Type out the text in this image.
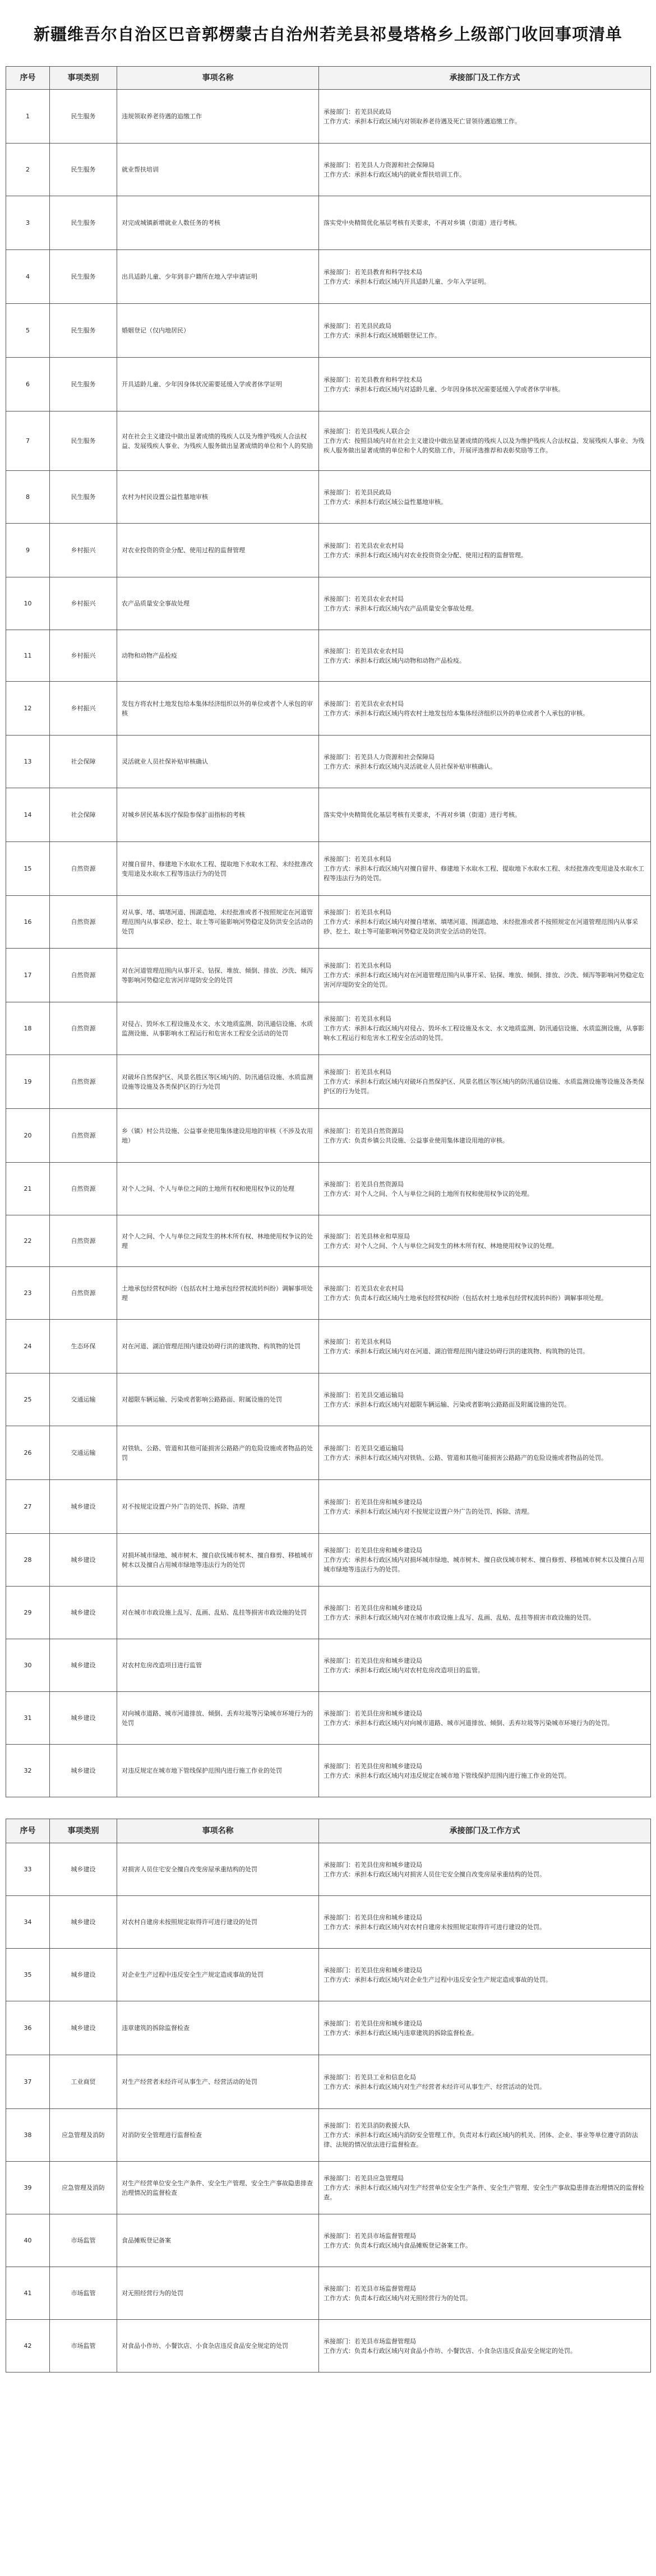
新疆维吾尔自治区巴音郭楞蒙古自治州若羌县祁曼塔格乡上级部门收回事项清单
序号	事项类别	事项名称	承接部门及工作方式
1	民生服务	违规领取养老待遇的追缴工作	承接部门：若羌县民政局
工作方式：承担本行政区域内对领取养老待遇及死亡冒领待遇追缴工作。

2	民生服务	就业帮扶培训	承接部门：若羌县人力资源和社会保障局
工作方式：承担本行政区域内的就业帮扶培训工作。

3	民生服务	对完成城镇新增就业人数任务的考核	落实党中央精简优化基层考核有关要求，不再对乡镇（街道）进行考核。

4	民生服务	出具适龄儿童、少年到非户籍所在地入学申请证明	承接部门：若羌县教育和科学技术局
工作方式：承担本行政区域内开具适龄儿童、少年入学证明。

5	民生服务	婚姻登记（仅内地居民）	承接部门：若羌县民政局
工作方式：承担本行政区域婚姻登记工作。

6	民生服务	开具适龄儿童、少年因身体状况需要延缓入学或者休学证明	承接部门：若羌县教育和科学技术局
工作方式：承担本行政区域内对适龄儿童、少年因身体状况需要延缓入学或者休学审核。

7	民生服务	对在社会主义建设中做出显著成绩的残疾人以及为维护残疾人合法权益、发展残疾人事业、为残疾人服务做出显著成绩的单位和个人的奖励	承接部门：若羌县残疾人联合会
工作方式：按照县域内对在社会主义建设中做出显著成绩的残疾人以及为维护残疾人合法权益、发展残疾人事业、为残疾人服务做出显著成绩的单位和个人的奖励工作，开展评选推荐和表彰奖励等工作。

8	民生服务	农村为村民设置公益性墓地审核	承接部门：若羌县民政局
工作方式：承担本行政区域公益性墓地审核。

9	乡村振兴	对农业投资的资金分配、使用过程的监督管理	承接部门：若羌县农业农村局
工作方式：承担本行政区域内对农业投资资金分配、使用过程的监督管理。

10	乡村振兴	农产品质量安全事故处理	承接部门：若羌县农业农村局
工作方式：承担本行政区域内农产品质量安全事故处理。

11	乡村振兴	动物和动物产品检疫	承接部门：若羌县农业农村局
工作方式：承担本行政区域内动物和动物产品检疫。

12	乡村振兴	发包方将农村土地发包给本集体经济组织以外的单位或者个人承包的审核	承接部门：若羌县农业农村局
工作方式：承担本行政区域内将农村土地发包给本集体经济组织以外的单位或者个人承包的审核。

13	社会保障	灵活就业人员社保补贴审核确认	承接部门：若羌县人力资源和社会保障局
工作方式：承担本行政区域内灵活就业人员社保补贴审核确认。

14	社会保障	对城乡居民基本医疗保险参保扩面指标的考核	落实党中央精简优化基层考核有关要求，不再对乡镇（街道）进行考核。

15	自然资源	对擅自留井、修建地下水取水工程、提取地下水取水工程、未经批准改变用途及水取水工程等违法行为的处罚	承接部门：若羌县水利局
工作方式：承担本行政区域内对擅自留井、修建地下水取水工程、提取地下水取水工程、未经批准改变用途及水取水工程等违法行为的处罚。

16	自然资源	对从事、堵、填堵河道、围湖造地、未经批准或者不按照规定在河道管理范围内从事采砂、挖土、取土等可能影响河势稳定及防洪安全活动的处罚	承接部门：若羌县水利局
工作方式：承担本行政区域内对擅自堵塞、填堵河道、围湖造地、未经批准或者不按照规定在河道管理范围内从事采砂、挖土、取土等可能影响河势稳定及防洪安全活动的处罚。

17	自然资源	对在河道管理范围内从事开采、钻探、堆放、倾倒、排放、沙洗、倾泻等影响河势稳定危害河岸堤防安全的处罚	承接部门：若羌县水利局
工作方式：承担本行政区域内对在河道管理范围内从事开采、钻探、堆放、倾倒、排放、沙洗、倾泻等影响河势稳定危害河岸堤防安全的处罚。

18	自然资源	对侵占、毁坏水工程设施及水文、水文地质监测、防汛通信设施、水质监测设施、从事影响水工程运行和危害水工程安全活动的处罚	承接部门：若羌县水利局
工作方式：承担本行政区域内对侵占、毁坏水工程设施及水文、水文地质监测、防汛通信设施、水质监测设施，从事影响水工程运行和危害水工程安全活动的处罚。

19	自然资源	对破坏自然保护区、风景名胜区等区域内的、防汛通信设施、水质监测设施等设施及各类保护区的行为处罚	承接部门：若羌县水利局
工作方式：承担本行政区域内对破坏自然保护区、风景名胜区等区域内的防汛通信设施、水质监测设施等设施及各类保护区的行为处罚。

20	自然资源	乡（镇）村公共设施、公益事业使用集体建设用地的审核（不涉及农用地）	承接部门：若羌县自然资源局
工作方式：负责乡镇公共设施、公益事业使用集体建设用地的审核。

21	自然资源	对个人之间、个人与单位之间的土地所有权和使用权争议的处理	承接部门：若羌县自然资源局
工作方式：对个人之间、个人与单位之间的土地所有权和使用权争议的处理。

22	自然资源	对个人之间、个人与单位之间发生的林木所有权、林地使用权争议的处理	承接部门：若羌县林业和草原局
工作方式：对个人之间、个人与单位之间发生的林木所有权、林地使用权争议的处理。

23	自然资源	土地承包经营权纠纷（包括农村土地承包经营权流转纠纷）调解事项处理	承接部门：若羌县农业农村局
工作方式：负责本行政区域内土地承包经营权纠纷（包括农村土地承包经营权流转纠纷）调解事项处理。

24	生态环保	对在河道、湖泊管理范围内建设妨碍行洪的建筑物、构筑物的处罚	承接部门：若羌县水利局
工作方式：承担本行政区域内对在河道、湖泊管理范围内建设妨碍行洪的建筑物、构筑物的处罚。

25	交通运输	对超限车辆运输、污染或者影响公路路面、附属设施的处罚	承接部门：若羌县交通运输局
工作方式：承担本行政区域内对超限车辆运输、污染或者影响公路路面及附属设施的处罚。

26	交通运输	对铁轨、公路、管道和其他可能损害公路路产的危险设施或者物品的处罚	承接部门：若羌县交通运输局
工作方式：承担本行政区域内对铁轨、公路、管道和其他可能损害公路路产的危险设施或者物品的处罚。

27	城乡建设	对不按规定设置户外广告的处罚、拆除、清理	承接部门：若羌县住房和城乡建设局
工作方式：承担本行政区域内对不按规定设置户外广告的处罚、拆除、清理。

28	城乡建设	对损坏城市绿地、城市树木、擅自砍伐城市树木、擅自修剪、移植城市树木以及擅自占用城市绿地等违法行为的处罚	承接部门：若羌县住房和城乡建设局
工作方式：承担本行政区域内对损坏城市绿地、城市树木、擅自砍伐城市树木、擅自修剪、移植城市树木以及擅自占用城市绿地等违法行为的处罚。

29	城乡建设	对在城市市政设施上乱写、乱画、乱贴、乱挂等损害市政设施的处罚	承接部门：若羌县住房和城乡建设局
工作方式：承担本行政区域内对在城市市政设施上乱写、乱画、乱贴、乱挂等损害市政设施的处罚。

30	城乡建设	对农村危房改造项目进行监管	承接部门：若羌县住房和城乡建设局
工作方式：承担本行政区域内对农村危房改造项目的监管。

31	城乡建设	对向城市道路、城市河道排放、倾倒、丢弃垃圾等污染城市环境行为的处罚	承接部门：若羌县住房和城乡建设局
工作方式：承担本行政区域内对向城市道路、城市河道排放、倾倒、丢弃垃圾等污染城市环境行为的处罚。

32	城乡建设	对违反规定在城市地下管线保护范围内进行施工作业的处罚	承接部门：若羌县住房和城乡建设局
工作方式：承担本行政区域内对违反规定在城市地下管线保护范围内进行施工作业的处罚。

序号	事项类别	事项名称	承接部门及工作方式
33	城乡建设	对损害人员住宅安全擅自改变房屋承重结构的处罚	承接部门：若羌县住房和城乡建设局
工作方式：承担本行政区域内对损害人员住宅安全擅自改变房屋承重结构的处罚。

34	城乡建设	对农村自建房未按照规定取得许可进行建设的处罚	承接部门：若羌县住房和城乡建设局
工作方式：承担本行政区域内对农村自建房未按照规定取得许可进行建设的处罚。

35	城乡建设	对企业生产过程中违反安全生产规定造成事故的处罚	承接部门：若羌县住房和城乡建设局
工作方式：承担本行政区域内对企业生产过程中违反安全生产规定造成事故的处罚。

36	城乡建设	违章建筑的拆除监督检查	承接部门：若羌县住房和城乡建设局
工作方式：承担本行政区域内违章建筑的拆除监督检查。

37	工业商贸	对生产经营者未经许可从事生产、经营活动的处罚	承接部门：若羌县工业和信息化局
工作方式：承担本行政区域内对生产经营者未经许可从事生产、经营活动的处罚。

38	应急管理及消防	对消防安全管理进行监督检查	承接部门：若羌县消防救援大队
工作方式：承担本行政区域内消防安全管理工作，负责对本行政区域内的机关、团体、企业、事业等单位遵守消防法律、法规的情况依法进行监督检查。

39	应急管理及消防	对生产经营单位安全生产条件、安全生产管理、安全生产事故隐患排查治理情况的监督检查	承接部门：若羌县应急管理局
工作方式：承担本行政区域内对生产经营单位安全生产条件、安全生产管理、安全生产事故隐患排查治理情况的监督检查。

40	市场监管	食品摊贩登记备案	承接部门：若羌县市场监督管理局
工作方式：负责本行政区域内食品摊贩登记备案工作。

41	市场监管	对无照经营行为的处罚	承接部门：若羌县市场监督管理局
工作方式：负责本行政区域内对无照经营行为的处罚。

42	市场监管	对食品小作坊、小餐饮店、小食杂店违反食品安全规定的处罚	承接部门：若羌县市场监督管理局
工作方式：负责本行政区域内对食品小作坊、小餐饮店、小食杂店违反食品安全规定的处罚。
